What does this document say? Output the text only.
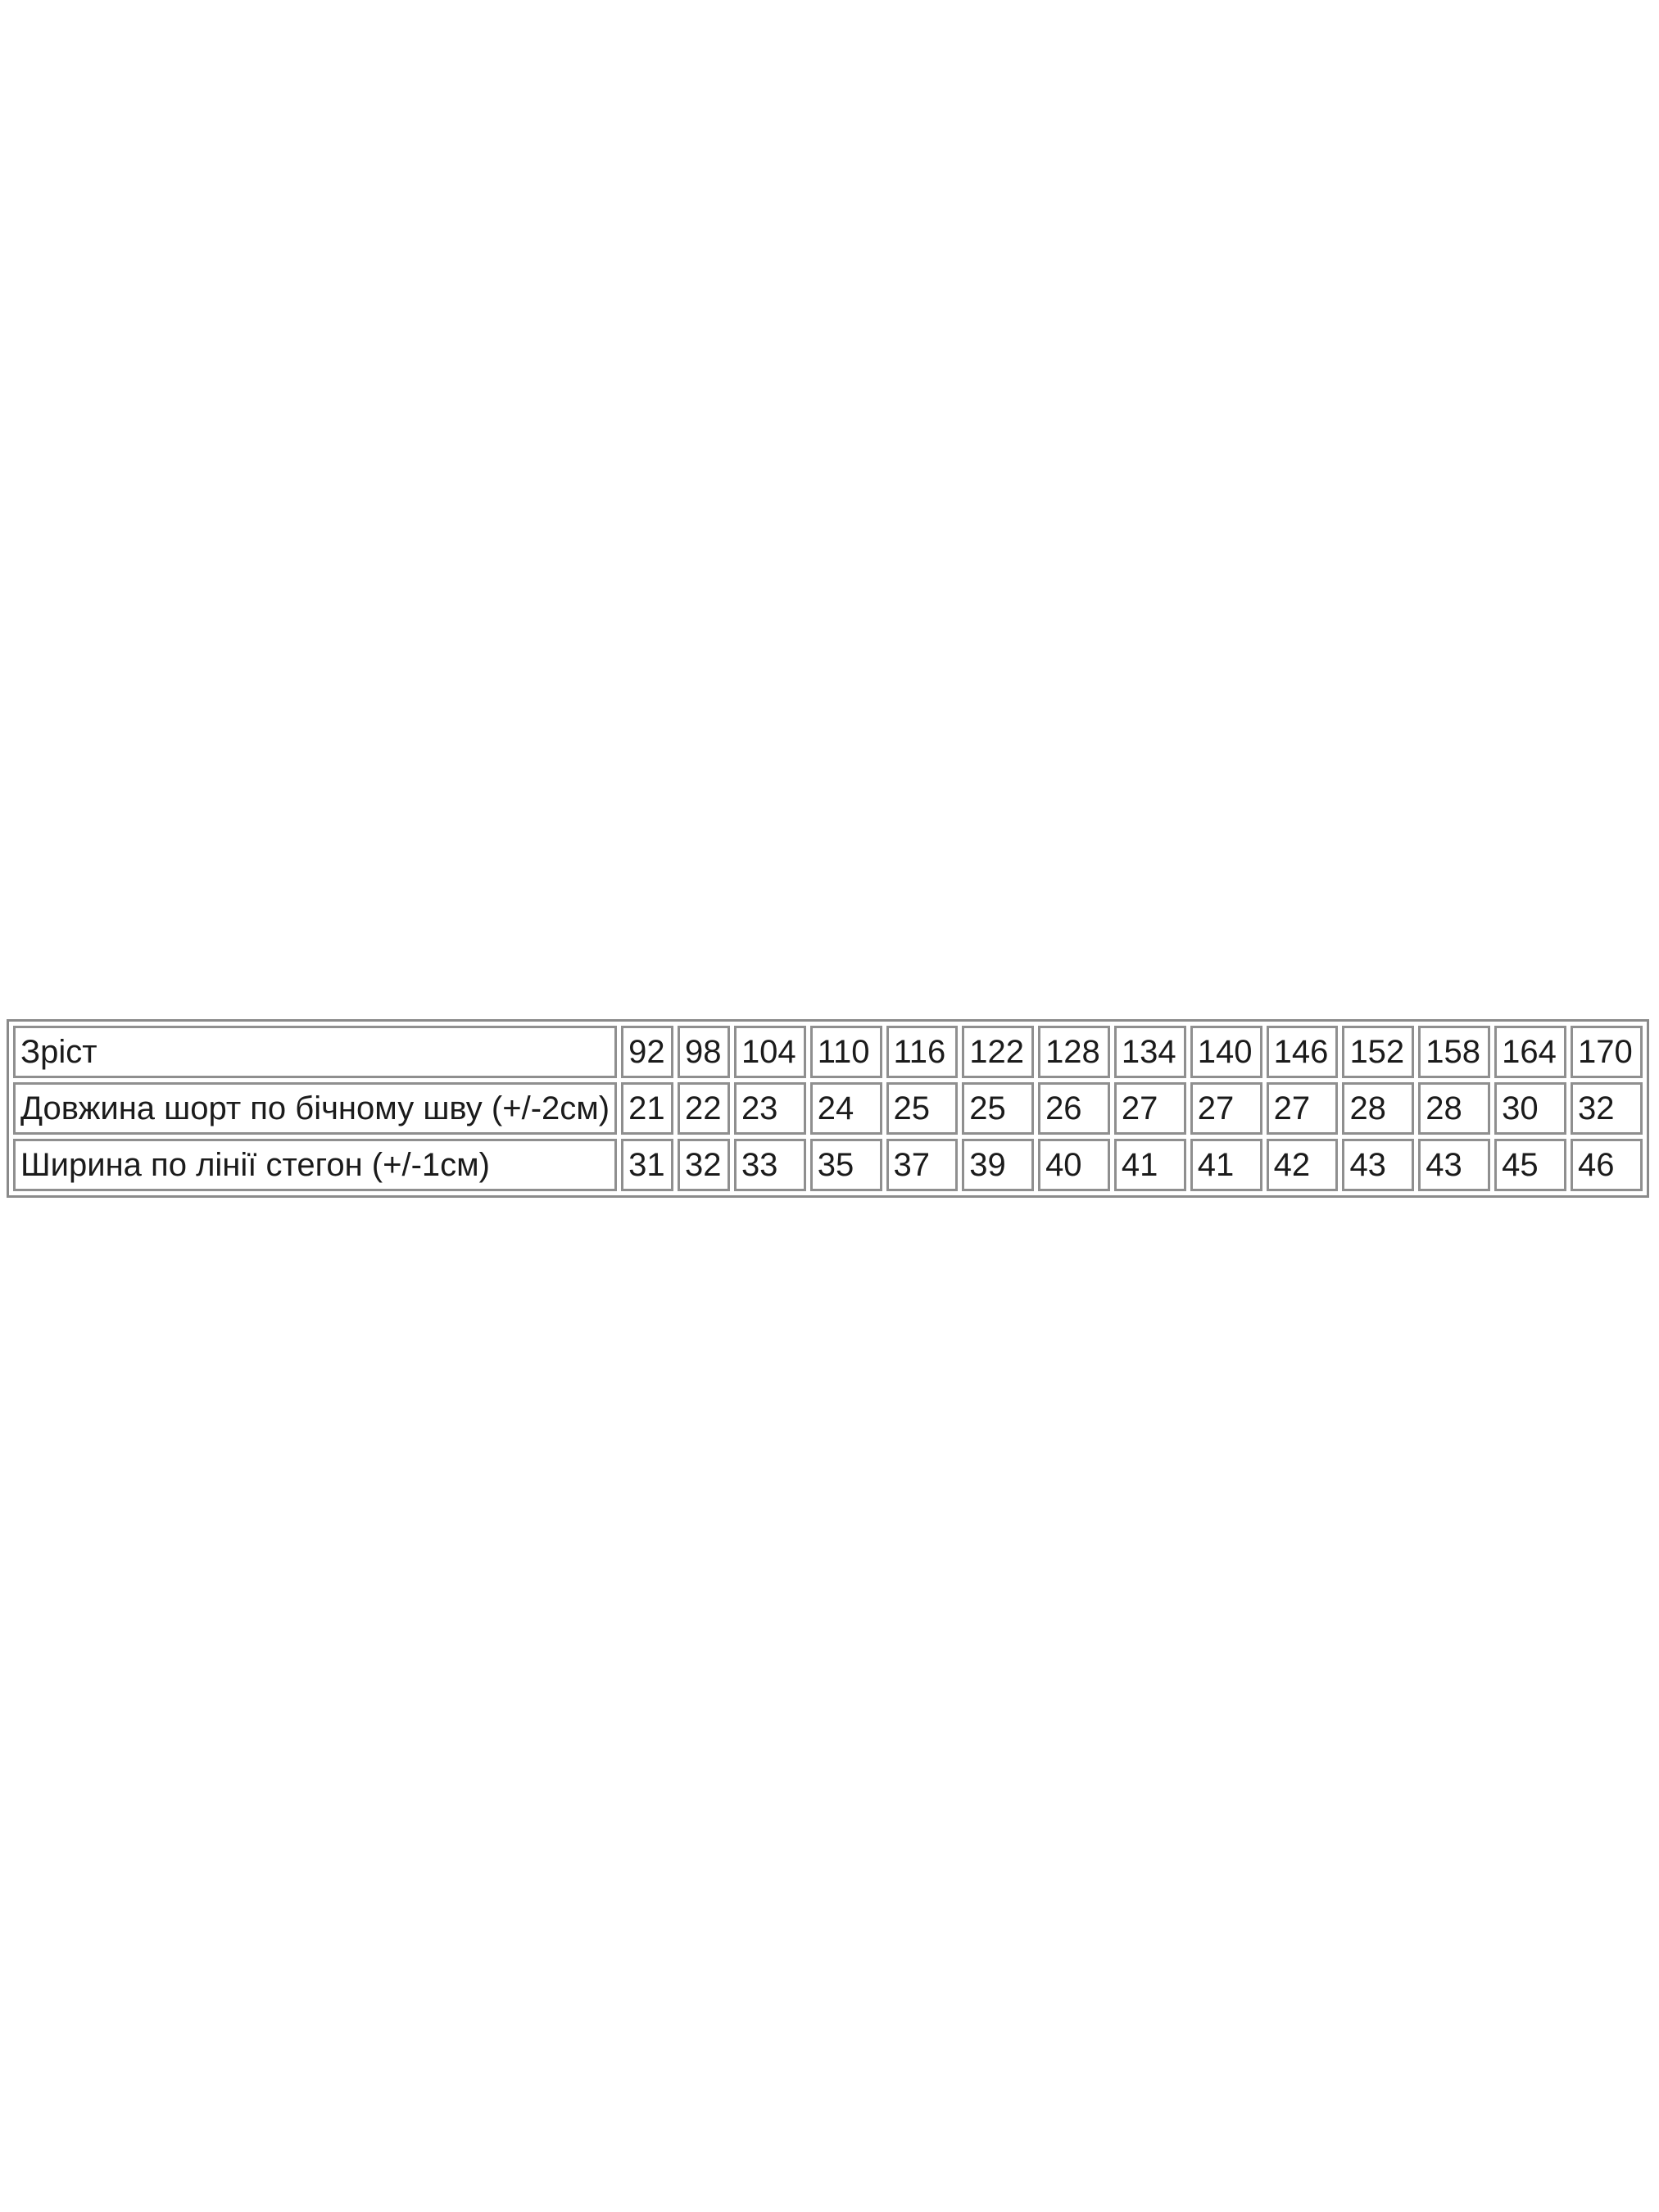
Зріст	92	98	104	110	116	122	128	134	140	146	152	158	164	170
Довжина шорт по бічному шву (+/-2см)	21	22	23	24	25	25	26	27	27	27	28	28	30	32
Ширина по лінії стегон (+/-1см)	31	32	33	35	37	39	40	41	41	42	43	43	45	46
